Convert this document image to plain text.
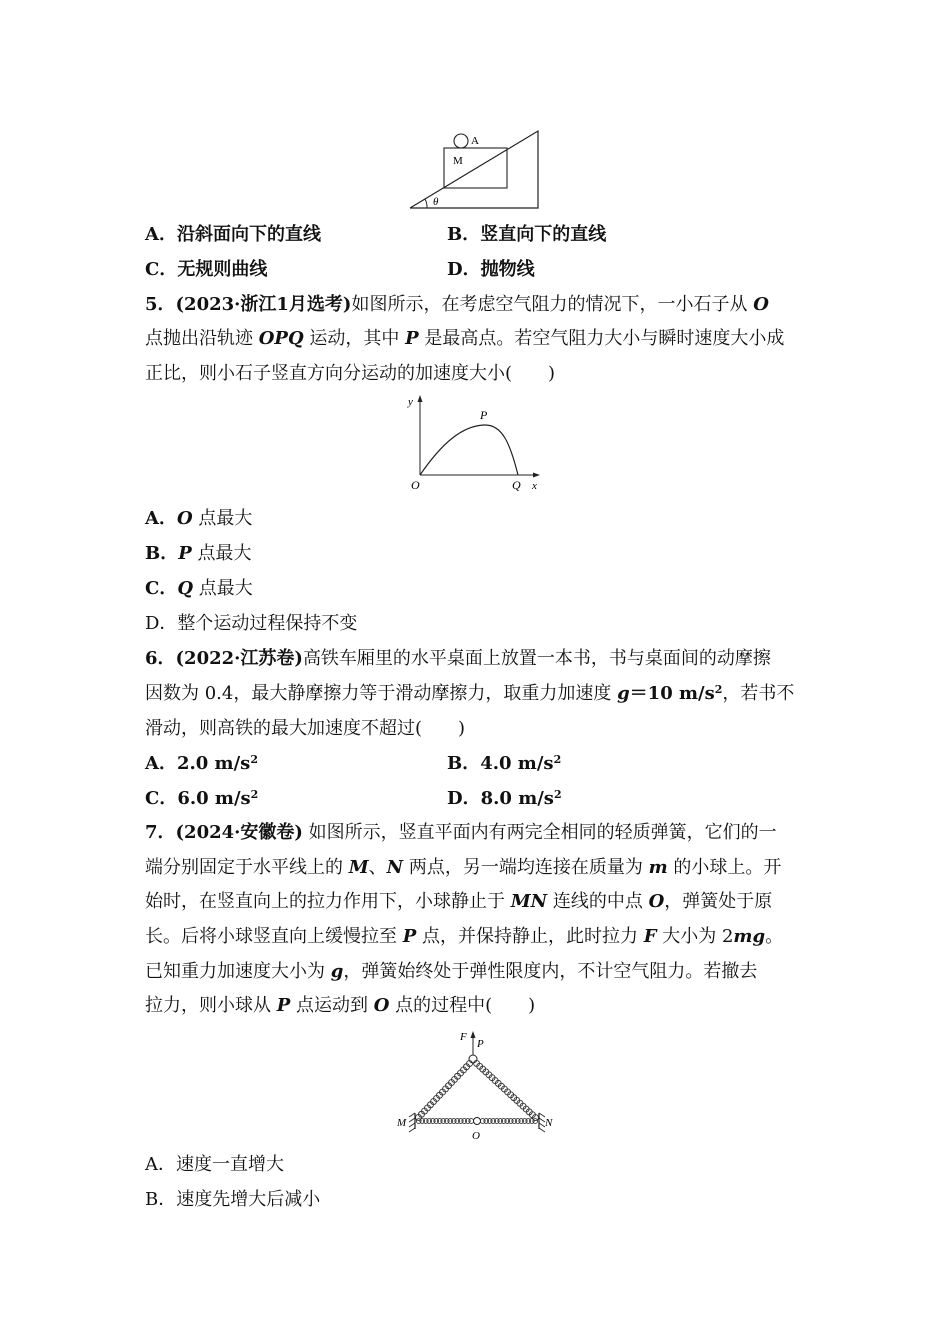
A
M
θ
A．沿斜面向下的直线	B．竖直向下的直线
C．无规则曲线	D．抛物线
5．(2023·浙江1月选考)如图所示，在考虑空气阻力的情况下，一小石子从 O
点抛出沿轨迹 OPQ 运动，其中 P 是最高点。若空气阻力大小与瞬时速度大小成
正比，则小石子竖直方向分运动的加速度大小(　　)
y
P
O	Q x
A．O 点最大
B．P 点最大
C．Q 点最大
D．整个运动过程保持不变
6．(2022·江苏卷)高铁车厢里的水平桌面上放置一本书，书与桌面间的动摩擦
因数为 0.4，最大静摩擦力等于滑动摩擦力，取重力加速度 g＝10 $m/s^2$，若书不
滑动，则高铁的最大加速度不超过(　　)
A．2.0 $m/s^2$	B．4.0 $m/s^2$
C．6.0 $m/s^2$	D．8.0 $m/s^2$
7．(2024·安徽卷) 如图所示，竖直平面内有两完全相同的轻质弹簧，它们的一
端分别固定于水平线上的 M、N 两点，另一端均连接在质量为 m 的小球上。开
始时，在竖直向上的拉力作用下，小球静止于 MN 连线的中点 O，弹簧处于原
长。后将小球竖直向上缓慢拉至 P 点，并保持静止，此时拉力 F 大小为 2mg。
已知重力加速度大小为 g，弹簧始终处于弹性限度内，不计空气阻力。若撤去
拉力，则小球从 P 点运动到 O 点的过程中(　　)
F
P
M	N
O
A．速度一直增大
B．速度先增大后减小
